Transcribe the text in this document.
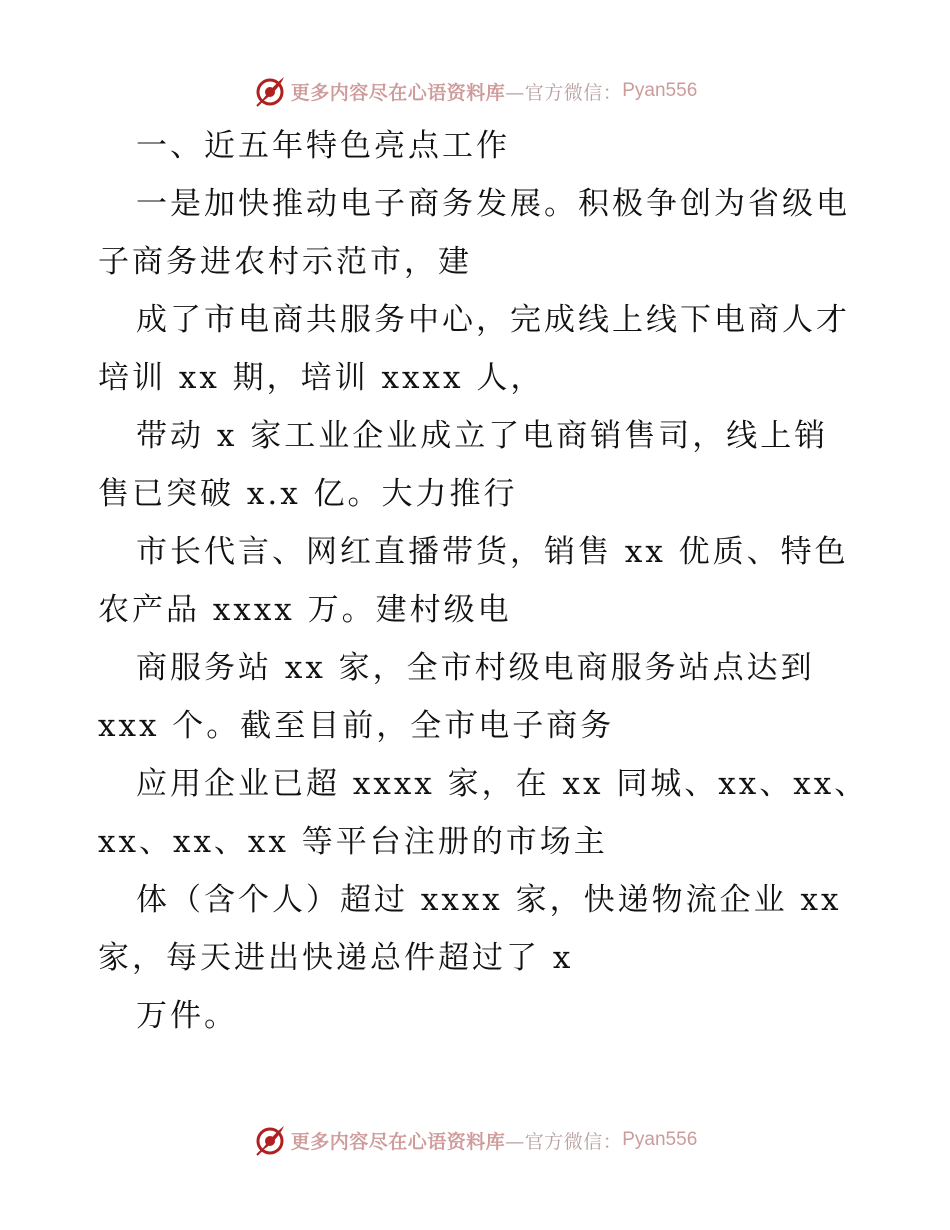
更多内容尽在心语资料库 —官方微信： Pyan556
一、近五年特色亮点工作
一是加快推动电子商务发展。积极争创为省级电
子商务进农村示范市，建
成了市电商共服务中心，完成线上线下电商人才
培训 xx 期，培训 xxxx 人，
带动 x 家工业企业成立了电商销售司，线上销
售已突破 x.x 亿。大力推行
市长代言、网红直播带货，销售 xx 优质、特色
农产品 xxxx 万。建村级电
商服务站 xx 家，全市村级电商服务站点达到
xxx 个。截至目前，全市电子商务
应用企业已超 xxxx 家，在 xx 同城、xx、xx、
xx、xx、xx 等平台注册的市场主
体（含个人）超过 xxxx 家，快递物流企业 xx
家，每天进出快递总件超过了 x
万件。
更多内容尽在心语资料库 —官方微信： Pyan556
